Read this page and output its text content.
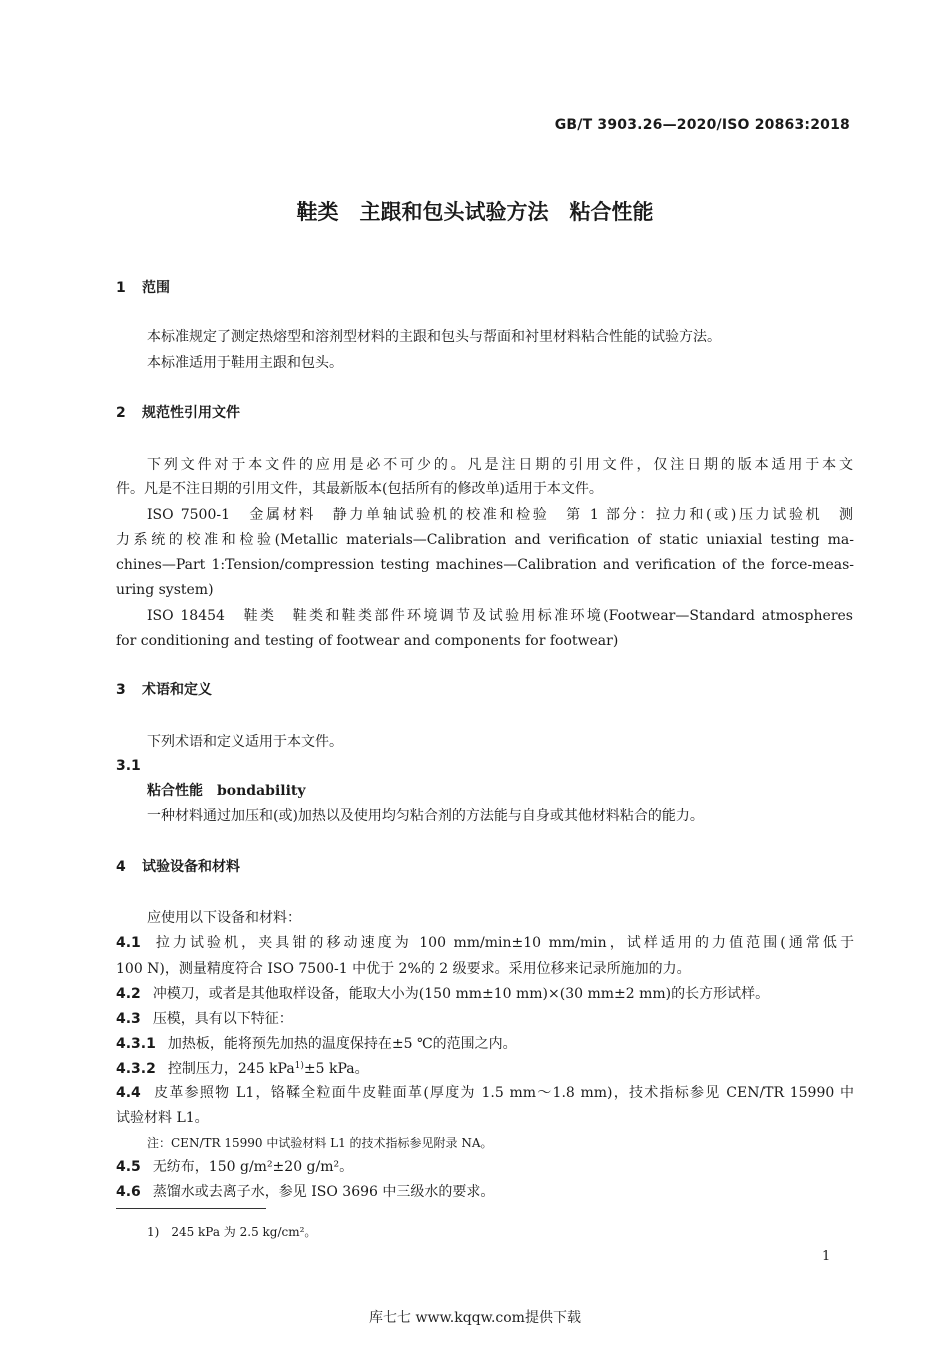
GB/T 3903.26—2020/ISO 20863:2018
鞋类　主跟和包头试验方法　粘合性能
1 范围
本标准规定了测定热熔型和溶剂型材料的主跟和包头与帮面和衬里材料粘合性能的试验方法。
本标准适用于鞋用主跟和包头。
2 规范性引用文件
下列文件对于本文件的应用是必不可少的。凡是注日期的引用文件，仅注日期的版本适用于本文
件。凡是不注日期的引用文件，其最新版本(包括所有的修改单)适用于本文件。
ISO 7500-1　金属材料　静力单轴试验机的校准和检验　第 1 部分：拉力和(或)压力试验机　测
力系统的校准和检验(Metallic materials—Calibration and verification of static uniaxial testing ma-
chines—Part 1:Tension/compression testing machines—Calibration and verification of the force-meas-
uring system)
ISO 18454　鞋类　鞋类和鞋类部件环境调节及试验用标准环境(Footwear—Standard atmospheres
for conditioning and testing of footwear and components for footwear)
3 术语和定义
下列术语和定义适用于本文件。
3.1
粘合性能　bondability
一种材料通过加压和(或)加热以及使用均匀粘合剂的方法能与自身或其他材料粘合的能力。
4 试验设备和材料
应使用以下设备和材料：
4.1 拉力试验机，夹具钳的移动速度为 100 mm/min±10 mm/min，试样适用的力值范围(通常低于
100 N)，测量精度符合 ISO 7500-1 中优于 2%的 2 级要求。采用位移来记录所施加的力。
4.2 冲模刀，或者是其他取样设备，能取大小为(150 mm±10 mm)×(30 mm±2 mm)的长方形试样。
4.3 压模，具有以下特征：
4.3.1 加热板，能将预先加热的温度保持在±5 ℃的范围之内。
4.3.2 控制压力，245 kPa$^{1)}$±5 kPa。
4.4 皮革参照物 L1，铬鞣全粒面牛皮鞋面革(厚度为 1.5 mm～1.8 mm)，技术指标参见 CEN/TR 15990 中
试验材料 L1。
注：CEN/TR 15990 中试验材料 L1 的技术指标参见附录 NA。
4.5 无纺布，150 g/m²±20 g/m²。
4.6 蒸馏水或去离子水，参见 ISO 3696 中三级水的要求。
1)　245 kPa 为 2.5 kg/cm²。
1
库七七 www.kqqw.com提供下载
